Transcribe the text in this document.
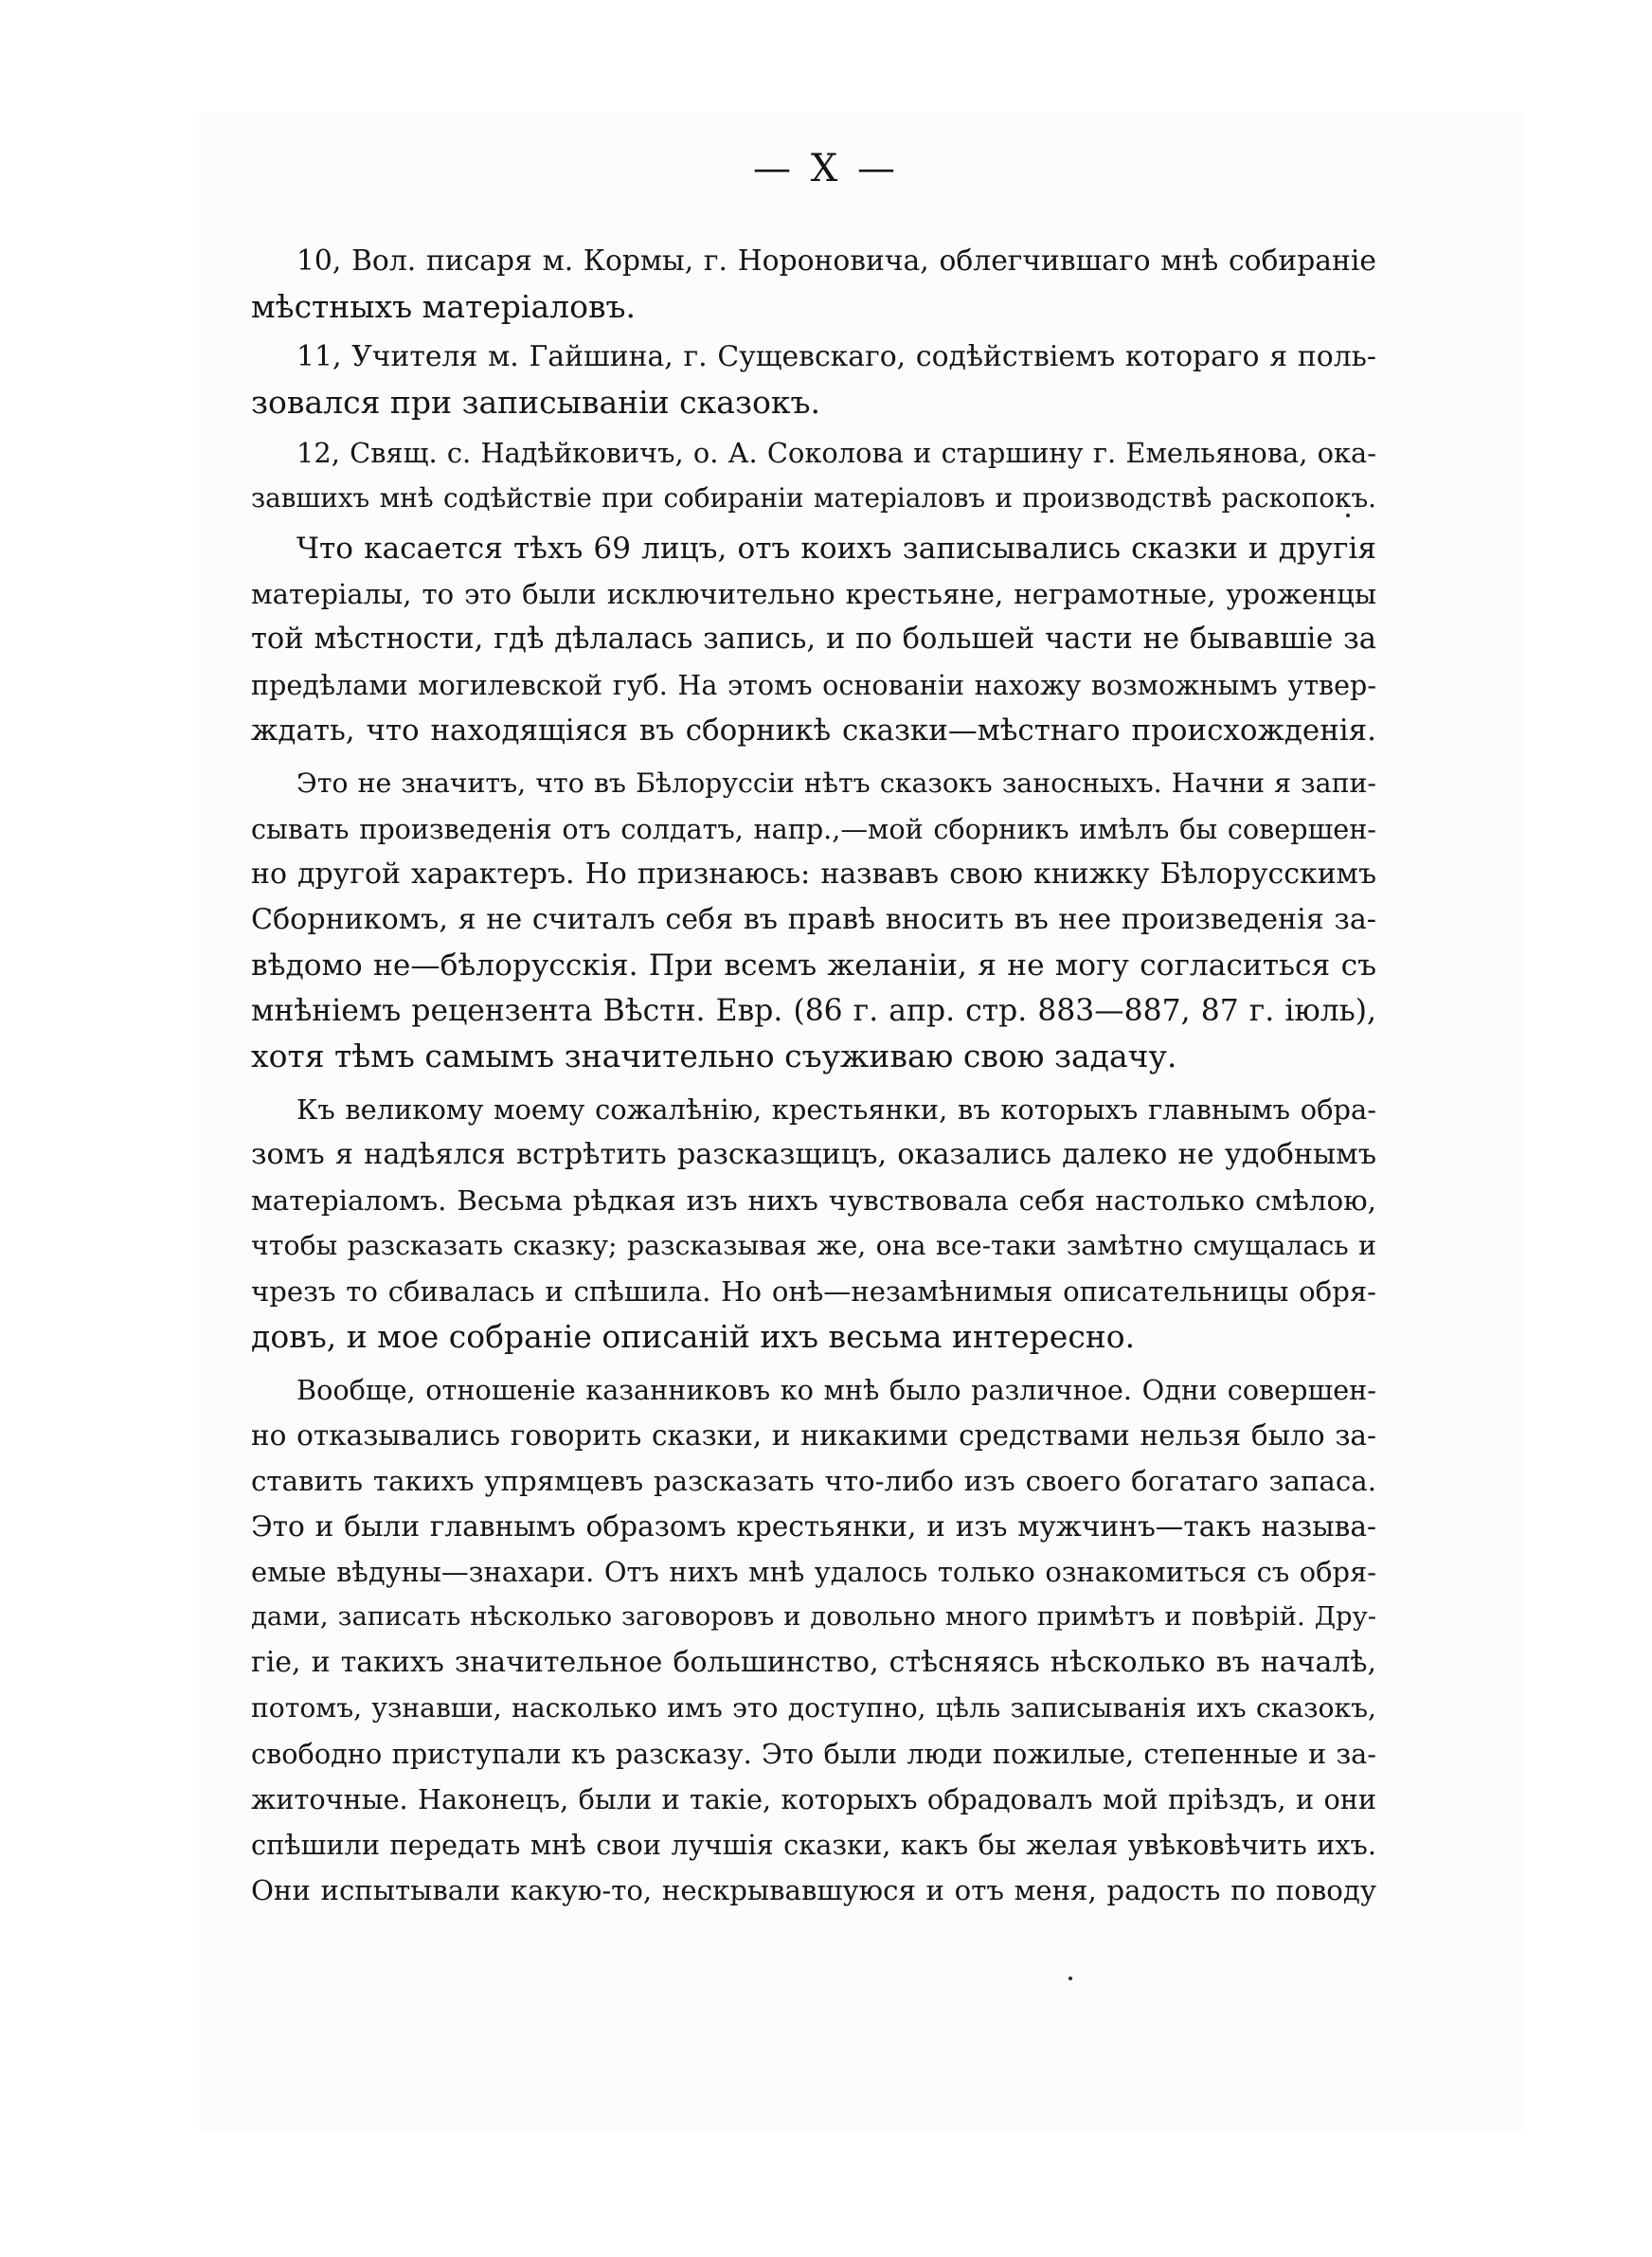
— X —
10, Вол. писаря м. Кормы, г. Нороновича, облегчившаго мнѣ собираніе
мѣстныхъ матеріаловъ.
11, Учителя м. Гайшина, г. Сущевскаго, содѣйствіемъ котораго я поль-
зовался при записываніи сказокъ.
12, Свящ. с. Надѣйковичъ, о. А. Соколова и старшину г. Емельянова, ока-
завшихъ мнѣ содѣйствіе при собираніи матеріаловъ и производствѣ раскопокъ.
Что касается тѣхъ 69 лицъ, отъ коихъ записывались сказки и другія
матеріалы, то это были исключительно крестьяне, неграмотные, уроженцы
той мѣстности, гдѣ дѣлалась запись, и по большей части не бывавшіе за
предѣлами могилевской губ. На этомъ основаніи нахожу возможнымъ утвер-
ждать, что находящіяся въ сборникѣ сказки—мѣстнаго происхожденія.
Это не значитъ, что въ Бѣлоруссіи нѣтъ сказокъ заносныхъ. Начни я запи-
сывать произведенія отъ солдатъ, напр.,—мой сборникъ имѣлъ бы совершен-
но другой характеръ. Но признаюсь: назвавъ свою книжку Бѣлорусскимъ
Сборникомъ, я не считалъ себя въ правѣ вносить въ нее произведенія за-
вѣдомо не—бѣлорусскія. При всемъ желаніи, я не могу согласиться съ
мнѣніемъ рецензента Вѣстн. Евр. (86 г. апр. стр. 883—887, 87 г. іюль),
хотя тѣмъ самымъ значительно съуживаю свою задачу.
Къ великому моему сожалѣнію, крестьянки, въ которыхъ главнымъ обра-
зомъ я надѣялся встрѣтить разсказщицъ, оказались далеко не удобнымъ
матеріаломъ. Весьма рѣдкая изъ нихъ чувствовала себя настолько смѣлою,
чтобы разсказать сказку; разсказывая же, она все-таки замѣтно смущалась и
чрезъ то сбивалась и спѣшила. Но онѣ—незамѣнимыя описательницы обря-
довъ, и мое собраніе описаній ихъ весьма интересно.
Вообще, отношеніе казанниковъ ко мнѣ было различное. Одни совершен-
но отказывались говорить сказки, и никакими средствами нельзя было за-
ставить такихъ упрямцевъ разсказать что-либо изъ своего богатаго запаса.
Это и были главнымъ образомъ крестьянки, и изъ мужчинъ—такъ называ-
емые вѣдуны—знахари. Отъ нихъ мнѣ удалось только ознакомиться съ обря-
дами, записать нѣсколько заговоровъ и довольно много примѣтъ и повѣрій. Дру-
гіе, и такихъ значительное большинство, стѣсняясь нѣсколько въ началѣ,
потомъ, узнавши, насколько имъ это доступно, цѣль записыванія ихъ сказокъ,
свободно приступали къ разсказу. Это были люди пожилые, степенные и за-
житочные. Наконецъ, были и такіе, которыхъ обрадовалъ мой пріѣздъ, и они
спѣшили передать мнѣ свои лучшія сказки, какъ бы желая увѣковѣчить ихъ.
Они испытывали какую-то, нескрывавшуюся и отъ меня, радость по поводу
